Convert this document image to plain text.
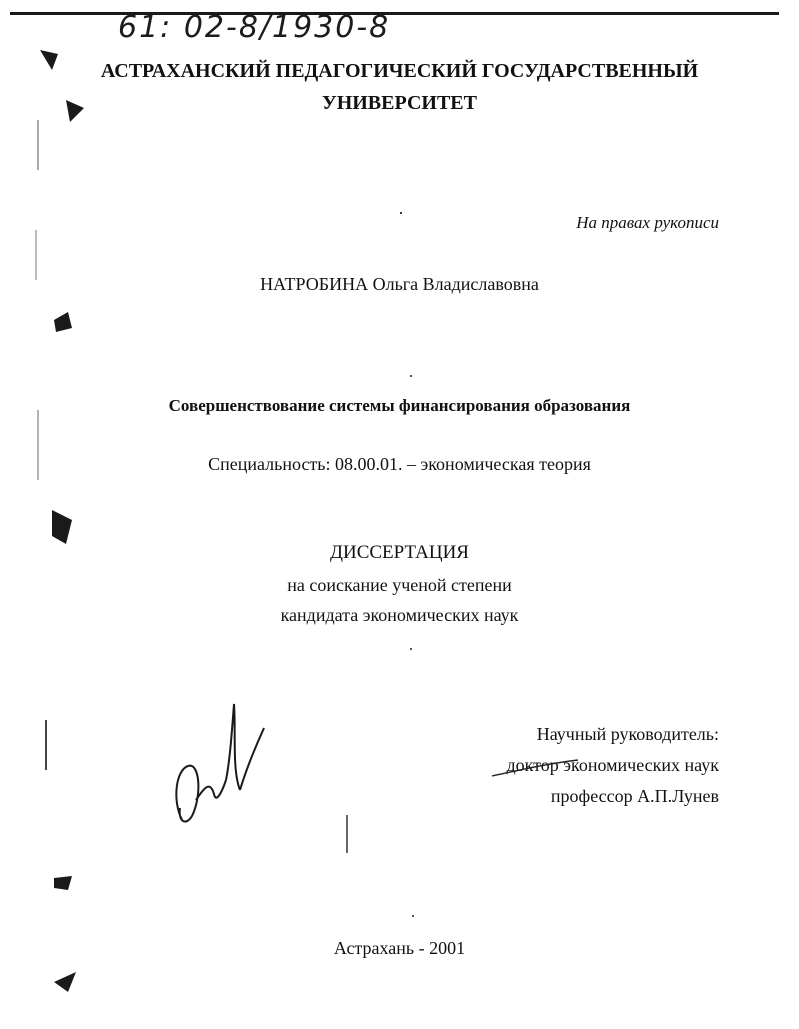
61: 02-8/1930-8
АСТРАХАНСКИЙ ПЕДАГОГИЧЕСКИЙ ГОСУДАРСТВЕННЫЙ
УНИВЕРСИТЕТ
На правах рукописи
НАТРОБИНА Ольга Владиславовна
Совершенствование системы финансирования образования
Специальность: 08.00.01. – экономическая теория
ДИССЕРТАЦИЯ
на соискание ученой степени
кандидата экономических наук
Научный руководитель:
доктор экономических наук
профессор А.П.Лунев
Астрахань - 2001
